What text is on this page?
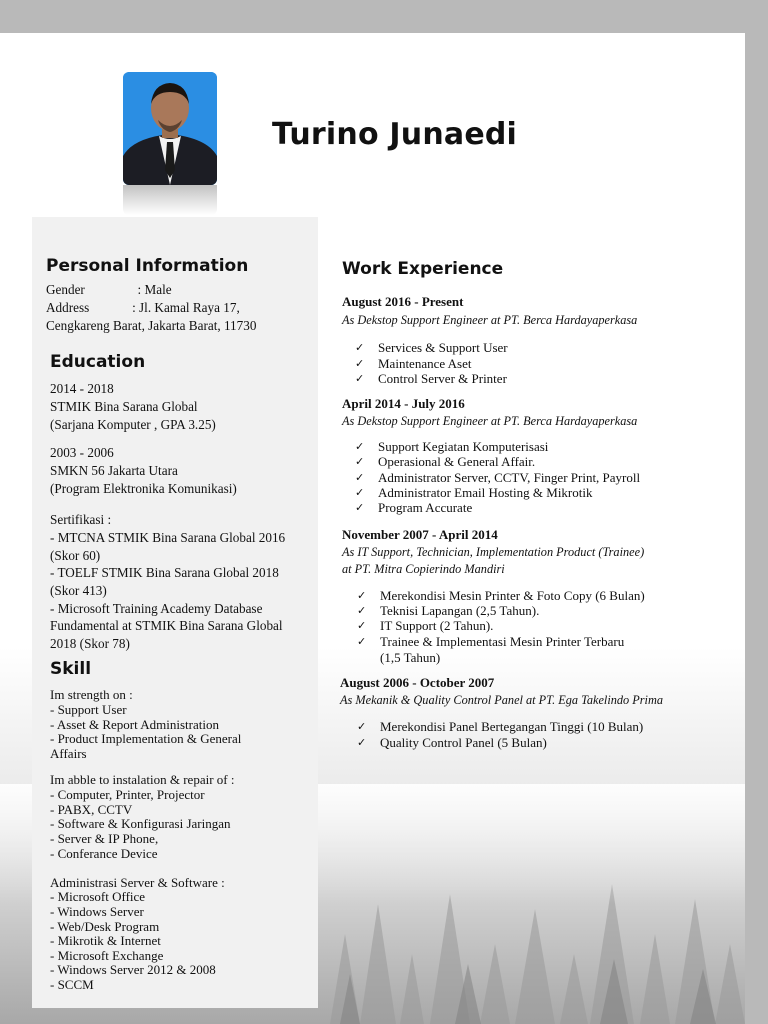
Turino Junaedi
Personal Information
Gender                : Male
Address             : Jl. Kamal Raya 17,
Cengkareng Barat, Jakarta Barat, 11730
Education
2014 - 2018
STMIK Bina Sarana Global
(Sarjana Komputer , GPA 3.25)
2003 - 2006
SMKN 56 Jakarta Utara
(Program Elektronika Komunikasi)
Sertifikasi :
- MTCNA STMIK Bina Sarana Global 2016
(Skor 60)
- TOELF STMIK Bina Sarana Global 2018
(Skor 413)
- Microsoft Training Academy Database
Fundamental at STMIK Bina Sarana Global
2018 (Skor 78)
Skill
Im strength on :
- Support User
- Asset & Report Administration
- Product Implementation & General
Affairs
Im abble to instalation & repair of :
- Computer, Printer, Projector
- PABX, CCTV
- Software & Konfigurasi Jaringan
- Server & IP Phone,
- Conferance Device
Administrasi Server & Software :
- Microsoft Office
- Windows Server
- Web/Desk Program
- Mikrotik & Internet
- Microsoft Exchange
- Windows Server 2012 & 2008
- SCCM
Work Experience
August 2016 - Present
As Dekstop Support Engineer at PT. Berca Hardayaperkasa
✓ Services & Support User
✓ Maintenance Aset
✓ Control Server & Printer
April 2014 - July 2016
As Dekstop Support Engineer at PT. Berca Hardayaperkasa
✓ Support Kegiatan Komputerisasi
✓ Operasional & General Affair.
✓ Administrator Server, CCTV, Finger Print, Payroll
✓ Administrator Email Hosting & Mikrotik
✓ Program Accurate
November 2007 - April 2014
As IT Support, Technician, Implementation Product (Trainee)
at PT. Mitra Copierindo Mandiri
✓ Merekondisi Mesin Printer & Foto Copy (6 Bulan)
✓ Teknisi Lapangan (2,5 Tahun).
✓ IT Support (2 Tahun).
✓ Trainee & Implementasi Mesin Printer Terbaru
(1,5 Tahun)
August 2006 - October 2007
As Mekanik & Quality Control Panel at PT. Ega Takelindo Prima
✓ Merekondisi Panel Bertegangan Tinggi (10 Bulan)
✓ Quality Control Panel (5 Bulan)
